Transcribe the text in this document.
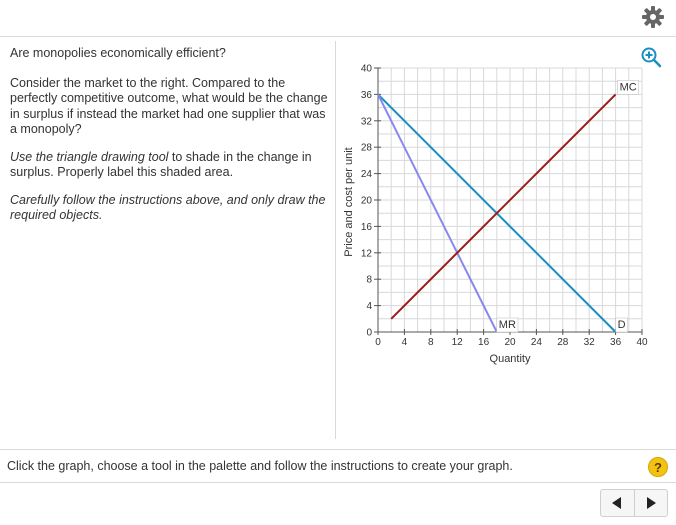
Are monopolies economically efficient?

Consider the market to the right. Compared to the perfectly competitive outcome, what would be the change in surplus if instead the market had one supplier that was a monopoly?

Use the triangle drawing tool to shade in the change in surplus. Properly label this shaded area.

Carefully follow the instructions above, and only draw the required objects.

0 4 8 12 16 20 24 28 32 36 40
0
4
8
12
16
20
24
28
32
36
40
D
MR
MC
Quantity
Price and cost per unit
Click the graph, choose a tool in the palette and follow the instructions to create your graph.	?
